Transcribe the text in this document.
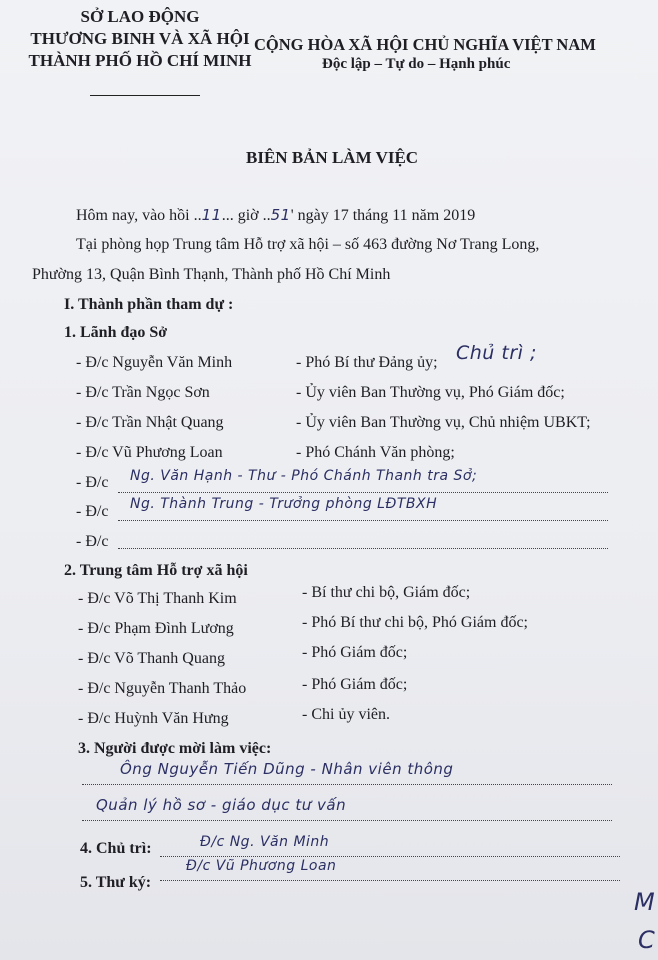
SỞ LAO ĐỘNG
THƯƠNG BINH VÀ XÃ HỘI
THÀNH PHỐ HỒ CHÍ MINH
CỘNG HÒA XÃ HỘI CHỦ NGHĨA VIỆT NAM
Độc lập – Tự do – Hạnh phúc
BIÊN BẢN LÀM VIỆC
Hôm nay, vào hồi ..11... giờ ..51' ngày 17 tháng 11 năm 2019
Tại phòng họp Trung tâm Hỗ trợ xã hội – số 463 đường Nơ Trang Long,
Phường 13, Quận Bình Thạnh, Thành phố Hồ Chí Minh
I. Thành phần tham dự :
1. Lãnh đạo Sở
- Đ/c Nguyễn Văn Minh	- Phó Bí thư Đảng ủy; Chủ trì ;
- Đ/c Trần Ngọc Sơn	- Ủy viên Ban Thường vụ, Phó Giám đốc;
- Đ/c Trần Nhật Quang	- Ủy viên Ban Thường vụ, Chủ nhiệm UBKT;
- Đ/c Vũ Phương Loan	- Phó Chánh Văn phòng;
- Đ/c Ng. Văn Hạnh - Thư - Phó Chánh Thanh tra Sở;
- Đ/c Ng. Thành Trung - Trưởng phòng LĐTBXH
- Đ/c
2. Trung tâm Hỗ trợ xã hội
- Đ/c Võ Thị Thanh Kim	- Bí thư chi bộ, Giám đốc;
- Đ/c Phạm Đình Lương	- Phó Bí thư chi bộ, Phó Giám đốc;
- Đ/c Võ Thanh Quang	- Phó Giám đốc;
- Đ/c Nguyễn Thanh Thảo	- Phó Giám đốc;
- Đ/c Huỳnh Văn Hưng	- Chi ủy viên.
3. Người được mời làm việc:
Ông Nguyễn Tiến Dũng - Nhân viên thông
Quản lý hồ sơ - giáo dục tư vấn
4. Chủ trì:	Đ/c Ng. Văn Minh
5. Thư ký:
Đ/c Vũ Phương Loan
M
C
